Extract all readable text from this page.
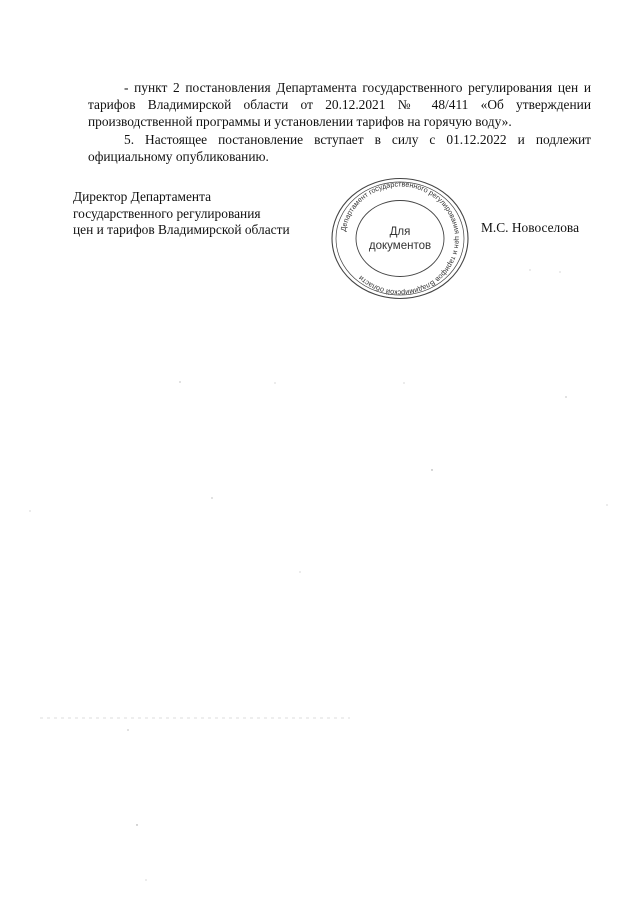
- пункт 2 постановления Департамента государственного регулирования цен и тарифов Владимирской области от 20.12.2021 № 48/411 «Об утверждении производственной программы и установлении тарифов на горячую воду».

5. Настоящее постановление вступает в силу с 01.12.2022 и подлежит официальному опубликованию.

Директор Департамента
государственного регулирования
цен и тарифов Владимирской области	Департамент государственного регулирования цен и тарифов Владимирской области
Для
документов
М.С. Новоселова
